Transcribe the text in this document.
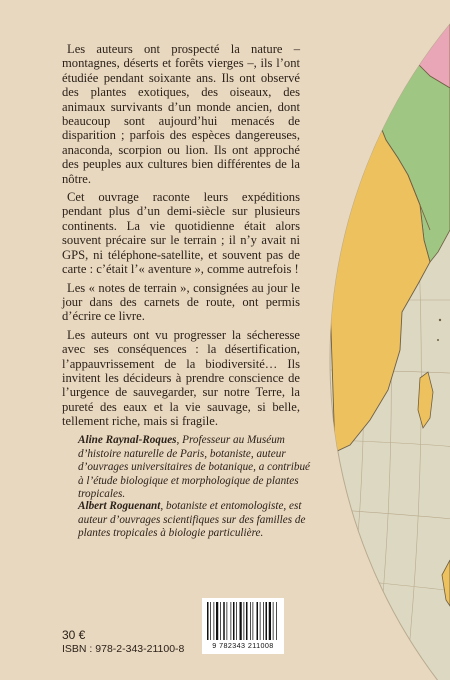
Les auteurs ont prospecté la nature – montagnes, déserts et forêts vierges –, ils l’ont étudiée pendant soixante ans. Ils ont observé des plantes exotiques, des oiseaux, des animaux survivants d’un monde ancien, dont beaucoup sont aujourd’hui menacés de disparition ; parfois des espèces dangereuses, anaconda, scorpion ou lion. Ils ont approché des peuples aux cultures bien différentes de la nôtre.

Cet ouvrage raconte leurs expéditions pendant plus d’un demi-siècle sur plusieurs continents. La vie quotidienne était alors souvent précaire sur le terrain ; il n’y avait ni GPS, ni téléphone-satellite, et souvent pas de carte : c’était l’« aventure », comme autrefois !

Les « notes de terrain », consignées au jour le jour dans des carnets de route, ont permis d’écrire ce livre.

Les auteurs ont vu progresser la sécheresse avec ses conséquences : la désertification, l’appauvrissement de la biodiversité… Ils invitent les décideurs à prendre conscience de l’urgence de sauvegarder, sur notre Terre, la pureté des eaux et la vie sauvage, si belle, tellement riche, mais si fragile.

Aline Raynal-Roques, Professeur au Muséum d’histoire naturelle de Paris, botaniste, auteur d’ouvrages universitaires de botanique, a contribué à l’étude biologique et morphologique de plantes tropicales.
Albert Roguenant, botaniste et entomologiste, est auteur d’ouvrages scientifiques sur des familles de plantes tropicales à biologie particulière.
30 €
ISBN : 978-2-343-21100-8	9 782343 211008
